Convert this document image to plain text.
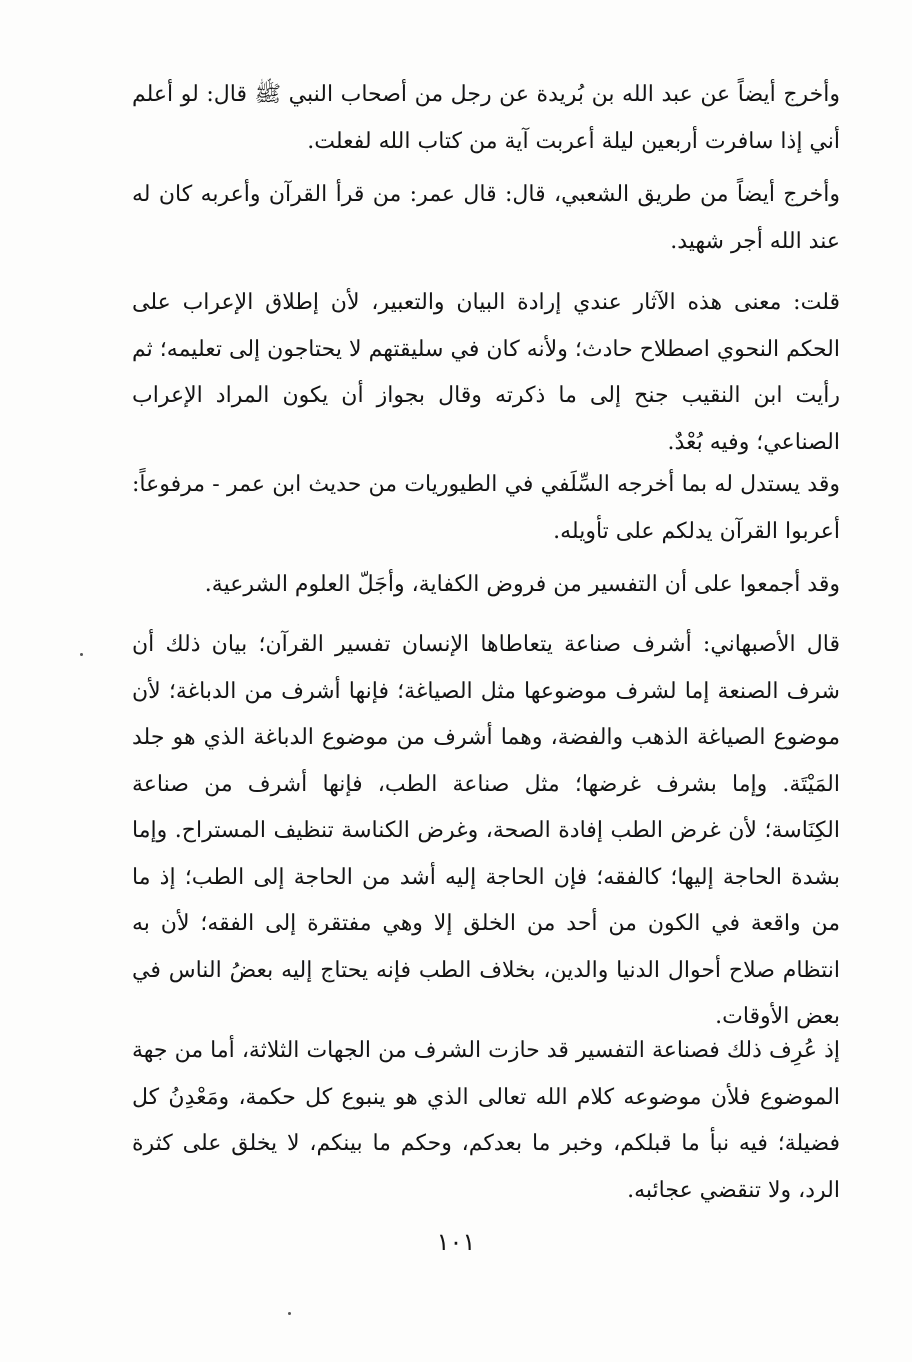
وأخرج أيضاً عن عبد الله بن بُريدة عن رجل من أصحاب النبي ﷺ قال: لو أعلم أني إذا سافرت أربعين ليلة أعربت آية من كتاب الله لفعلت.

وأخرج أيضاً من طريق الشعبي، قال: قال عمر: من قرأ القرآن وأعربه كان له عند الله أجر شهيد.

قلت: معنى هذه الآثار عندي إرادة البيان والتعبير، لأن إطلاق الإعراب على الحكم النحوي اصطلاح حادث؛ ولأنه كان في سليقتهم لا يحتاجون إلى تعليمه؛ ثم رأيت ابن النقيب جنح إلى ما ذكرته وقال بجواز أن يكون المراد الإعراب الصناعي؛ وفيه بُعْدٌ.

وقد يستدل له بما أخرجه السِّلَفي في الطيوريات من حديث ابن عمر - مرفوعاً: أعربوا القرآن يدلكم على تأويله.

وقد أجمعوا على أن التفسير من فروض الكفاية، وأجَلّ العلوم الشرعية.

قال الأصبهاني: أشرف صناعة يتعاطاها الإنسان تفسير القرآن؛ بيان ذلك أن شرف الصنعة إما لشرف موضوعها مثل الصياغة؛ فإنها أشرف من الدباغة؛ لأن موضوع الصياغة الذهب والفضة، وهما أشرف من موضوع الدباغة الذي هو جلد المَيْتَة. وإما بشرف غرضها؛ مثل صناعة الطب، فإنها أشرف من صناعة الكِنَاسة؛ لأن غرض الطب إفادة الصحة، وغرض الكناسة تنظيف المستراح. وإما بشدة الحاجة إليها؛ كالفقه؛ فإن الحاجة إليه أشد من الحاجة إلى الطب؛ إذ ما من واقعة في الكون من أحد من الخلق إلا وهي مفتقرة إلى الفقه؛ لأن به انتظام صلاح أحوال الدنيا والدين، بخلاف الطب فإنه يحتاج إليه بعضُ الناس في بعض الأوقات.

إذ عُرِف ذلك فصناعة التفسير قد حازت الشرف من الجهات الثلاثة، أما من جهة الموضوع فلأن موضوعه كلام الله تعالى الذي هو ينبوع كل حكمة، ومَعْدِنُ كل فضيلة؛ فيه نبأ ما قبلكم، وخبر ما بعدكم، وحكم ما بينكم، لا يخلق على كثرة الرد، ولا تنقضي عجائبه.

١٠١
